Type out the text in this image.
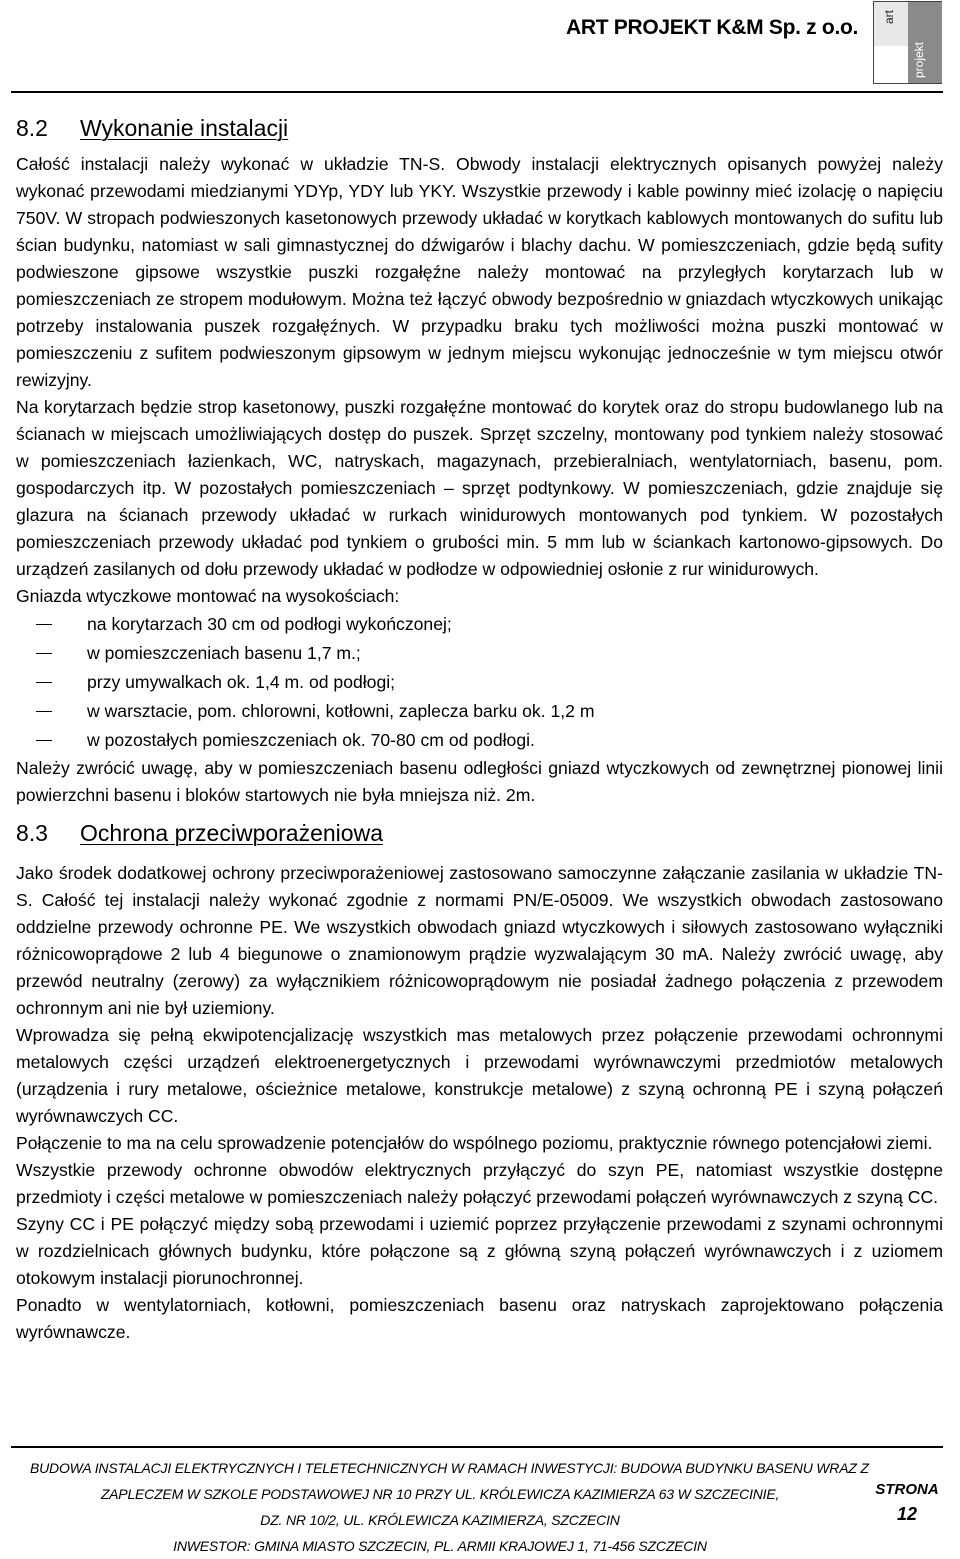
ART PROJEKT K&M Sp. z o.o. art
projekt
8.2 Wykonanie instalacji

Całość instalacji należy wykonać w układzie TN-S. Obwody instalacji elektrycznych opisanych powyżej należy wykonać przewodami miedzianymi YDYp, YDY lub YKY. Wszystkie przewody i kable powinny mieć izolację o napięciu 750V. W stropach podwieszonych kasetonowych przewody układać w korytkach kablowych montowanych do sufitu lub ścian budynku, natomiast w sali gimnastycznej do dźwigarów i blachy dachu. W pomieszczeniach, gdzie będą sufity podwieszone gipsowe wszystkie puszki rozgałęźne należy montować na przyległych korytarzach lub w pomieszczeniach ze stropem modułowym. Można też łączyć obwody bezpośrednio w gniazdach wtyczkowych unikając potrzeby instalowania puszek rozgałęźnych. W przypadku braku tych możliwości można puszki montować w pomieszczeniu z sufitem podwieszonym gipsowym w jednym miejscu wykonując jednocześnie w tym miejscu otwór rewizyjny.

Na korytarzach będzie strop kasetonowy, puszki rozgałęźne montować do korytek oraz do stropu budowlanego lub na ścianach w miejscach umożliwiających dostęp do puszek. Sprzęt szczelny, montowany pod tynkiem należy stosować w pomieszczeniach łazienkach, WC, natryskach, magazynach, przebieralniach, wentylatorniach, basenu, pom. gospodarczych itp. W pozostałych pomieszczeniach – sprzęt podtynkowy. W pomieszczeniach, gdzie znajduje się glazura na ścianach przewody układać w rurkach winidurowych montowanych pod tynkiem. W pozostałych pomieszczeniach przewody układać pod tynkiem o grubości min. 5 mm lub w ściankach kartonowo-gipsowych. Do urządzeń zasilanych od dołu przewody układać w podłodze w odpowiedniej osłonie z rur winidurowych.

Gniazda wtyczkowe montować na wysokościach:

na korytarzach 30 cm od podłogi wykończonej;
w pomieszczeniach basenu 1,7 m.;
przy umywalkach ok. 1,4 m. od podłogi;
w warsztacie, pom. chlorowni, kotłowni, zaplecza barku ok. 1,2 m
w pozostałych pomieszczeniach ok. 70-80 cm od podłogi.

Należy zwrócić uwagę, aby w pomieszczeniach basenu odległości gniazd wtyczkowych od zewnętrznej pionowej linii powierzchni basenu i bloków startowych nie była mniejsza niż. 2m.

8.3 Ochrona przeciwporażeniowa

Jako środek dodatkowej ochrony przeciwporażeniowej zastosowano samoczynne załączanie zasilania w układzie TN-S. Całość tej instalacji należy wykonać zgodnie z normami PN/E-05009. We wszystkich obwodach zastosowano oddzielne przewody ochronne PE. We wszystkich obwodach gniazd wtyczkowych i siłowych zastosowano wyłączniki różnicowoprądowe 2 lub 4 biegunowe o znamionowym prądzie wyzwalającym 30 mA. Należy zwrócić uwagę, aby przewód neutralny (zerowy) za wyłącznikiem różnicowoprądowym nie posiadał żadnego połączenia z przewodem ochronnym ani nie był uziemiony.

Wprowadza się pełną ekwipotencjalizację wszystkich mas metalowych przez połączenie przewodami ochronnymi metalowych części urządzeń elektroenergetycznych i przewodami wyrównawczymi przedmiotów metalowych (urządzenia i rury metalowe, ościeżnice metalowe, konstrukcje metalowe) z szyną ochronną PE i szyną połączeń wyrównawczych CC.

Połączenie to ma na celu sprowadzenie potencjałów do wspólnego poziomu, praktycznie równego potencjałowi ziemi.

Wszystkie przewody ochronne obwodów elektrycznych przyłączyć do szyn PE, natomiast wszystkie dostępne przedmioty i części metalowe w pomieszczeniach należy połączyć przewodami połączeń wyrównawczych z szyną CC.

Szyny CC i PE połączyć między sobą przewodami i uziemić poprzez przyłączenie przewodami z szynami ochronnymi w rozdzielnicach głównych budynku, które połączone są z główną szyną połączeń wyrównawczych i z uziomem otokowym instalacji piorunochronnej.

Ponadto w wentylatorniach, kotłowni, pomieszczeniach basenu oraz natryskach zaprojektowano połączenia wyrównawcze.

BUDOWA INSTALACJI ELEKTRYCZNYCH I TELETECHNICZNYCH W RAMACH INWESTYCJI: BUDOWA BUDYNKU BASENU WRAZ Z
ZAPLECZEM W SZKOLE PODSTAWOWEJ NR 10 PRZY UL. KRÓLEWICZA KAZIMIERZA 63 W SZCZECINIE,
DZ. NR 10/2, UL. KRÓLEWICZA KAZIMIERZA, SZCZECIN
INWESTOR: GMINA MIASTO SZCZECIN, PL. ARMII KRAJOWEJ 1, 71-456 SZCZECIN
STRONA
12
